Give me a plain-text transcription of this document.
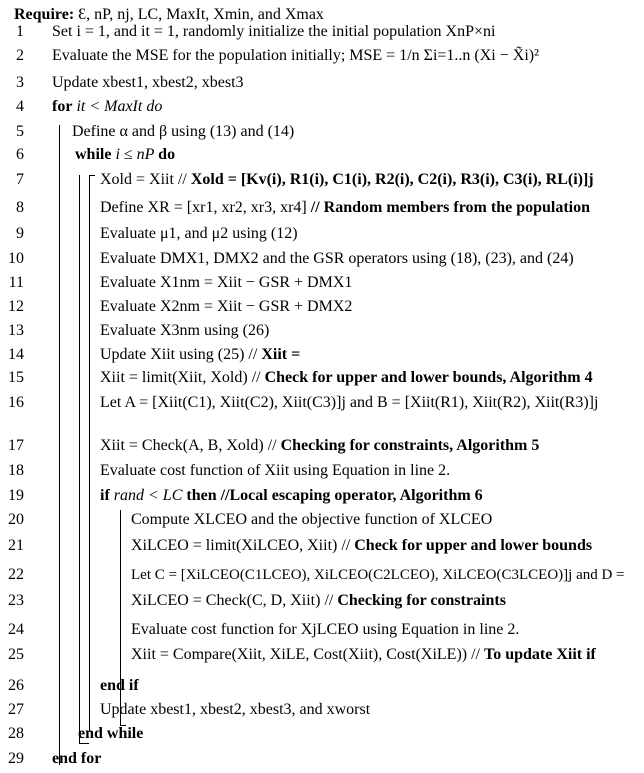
Require: Ɛ, nP, nj, LC, MaxIt, Xmin, and Xmax
1 Set i = 1, and it = 1, randomly initialize the initial population XnP×ni
2 Evaluate the MSE for the population initially; MSE = 1/n Σi=1..n (Xi − X̃i)²
3 Update xbest1, xbest2, xbest3
4 for it < MaxIt do
5	Define α and β using (13) and (14)
6	while i ≤ nP do
7	Xold = Xiit // Xold = [Kv(i), R1(i), C1(i), R2(i), C2(i), R3(i), C3(i), RL(i)]j
8	Define XR = [xr1, xr2, xr3, xr4] // Random members from the population
9	Evaluate μ1, and μ2 using (12)
10	Evaluate DMX1, DMX2 and the GSR operators using (18), (23), and (24)
11	Evaluate X1nm = Xiit − GSR + DMX1
12	Evaluate X2nm = Xiit − GSR + DMX2
13	Evaluate X3nm using (26)
14	Update Xiit using (25) // Xiit =
15	Xiit = limit(Xiit, Xold) // Check for upper and lower bounds, Algorithm 4
16	Let A = [Xiit(C1), Xiit(C2), Xiit(C3)]j and B = [Xiit(R1), Xiit(R2), Xiit(R3)]j
17	Xiit = Check(A, B, Xold) // Checking for constraints, Algorithm 5
18	Evaluate cost function of Xiit using Equation in line 2.
19	if rand < LC then //Local escaping operator, Algorithm 6
20	Compute XLCEO and the objective function of XLCEO
21	XiLCEO = limit(XiLCEO, Xiit) // Check for upper and lower bounds
22	Let C = [XiLCEO(C1LCEO), XiLCEO(C2LCEO), XiLCEO(C3LCEO)]j and D =
23	XiLCEO = Check(C, D, Xiit) // Checking for constraints
24	Evaluate cost function for XjLCEO using Equation in line 2.
25	Xiit = Compare(Xiit, XiLE, Cost(Xiit), Cost(XiLE)) // To update Xiit if
26	end if
27	Update xbest1, xbest2, xbest3, and xworst
28	end while
29 end for
